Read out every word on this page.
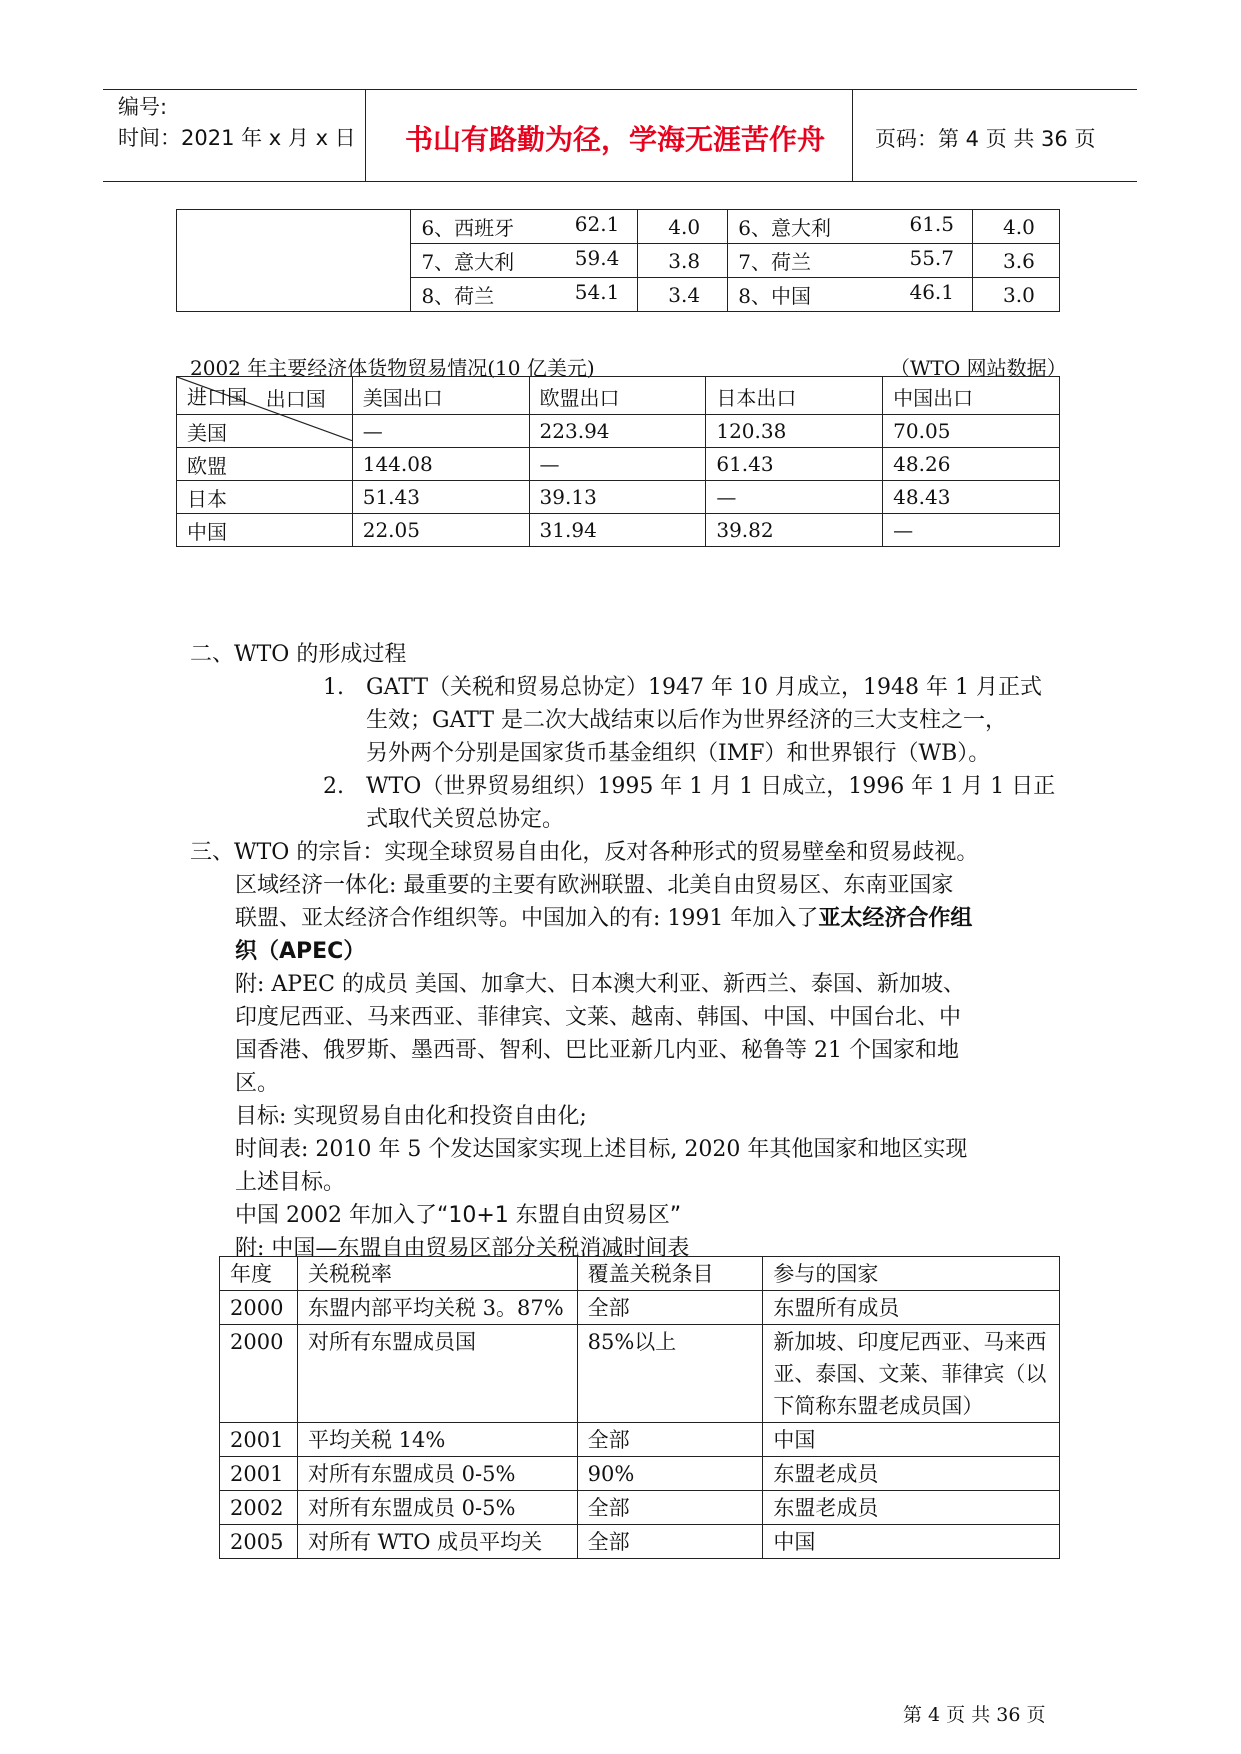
编号:
时间：2021 年 x 月 x 日	书山有路勤为径，学海无涯苦作舟	页码：第 4 页 共 36 页

	6、西班牙 62.1	4.0	6、意大利 61.5	4.0

	7、意大利 59.4	3.8	7、荷兰 55.7	3.6

	8、荷兰 54.1	3.4	8、中国 46.1	3.0
2002 年主要经济体货物贸易情况(10 亿美元)	（WTO 网站数据）
出口国
进口国	美国出口	欧盟出口	日本出口	中国出口
美国	—	223.94	120.38	70.05
欧盟	144.08	—	61.43	48.26
日本	51.43	39.13	—	48.43
中国	22.05	31.94	39.82	—
二、WTO 的形成过程
1. GATT（关税和贸易总协定）1947 年 10 月成立，1948 年 1 月正式
生效；GATT 是二次大战结束以后作为世界经济的三大支柱之一，
另外两个分别是国家货币基金组织（IMF）和世界银行（WB）。
2. WTO（世界贸易组织）1995 年 1 月 1 日成立，1996 年 1 月 1 日正
式取代关贸总协定。
三、WTO 的宗旨：实现全球贸易自由化，反对各种形式的贸易壁垒和贸易歧视。
区域经济一体化: 最重要的主要有欧洲联盟、北美自由贸易区、东南亚国家
联盟、亚太经济合作组织等。中国加入的有: 1991 年加入了亚太经济合作组
织（APEC）
附: APEC 的成员 美国、加拿大、日本澳大利亚、新西兰、泰国、新加坡、
印度尼西亚、马来西亚、菲律宾、文莱、越南、韩国、中国、中国台北、中
国香港、俄罗斯、墨西哥、智利、巴比亚新几内亚、秘鲁等 21 个国家和地
区。
目标: 实现贸易自由化和投资自由化;
时间表: 2010 年 5 个发达国家实现上述目标, 2020 年其他国家和地区实现
上述目标。
中国 2002 年加入了“10+1 东盟自由贸易区”
附: 中国—东盟自由贸易区部分关税消减时间表
年度	关税税率	覆盖关税条目	参与的国家
2000	东盟内部平均关税 3。87%	全部	东盟所有成员
2000	对所有东盟成员国	85%以上	新加坡、印度尼西亚、马来西亚、泰国、文莱、菲律宾（以下简称东盟老成员国）
2001	平均关税 14%	全部	中国
2001	对所有东盟成员 0-5%	90%	东盟老成员
2002	对所有东盟成员 0-5%	全部	东盟老成员
2005	对所有 WTO 成员平均关	全部	中国
第 4 页 共 36 页
